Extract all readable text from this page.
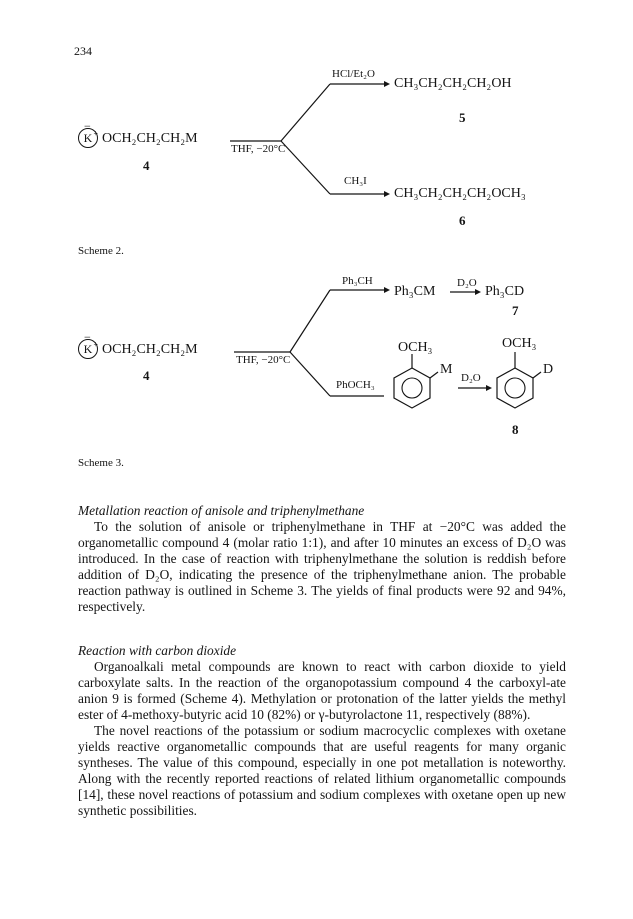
234
HCl/Et₂O
CH₃CH₂CH₂CH₂OH
5
−
K + OCH₂CH₂CH₂M
THF, −20°C
4
CH₃I
CH₃CH₂CH₂CH₂OCH₃
6
Scheme 2.
Ph₃CH
Ph₃CM
D₂O
Ph₃CD
7
−
K + OCH₂CH₂CH₂M
THF, −20°C
4
OCH₃
M
PhOCH₃
D₂O
OCH₃
D
8
Scheme 3.
Metallation reaction of anisole and triphenylmethane

To the solution of anisole or triphenylmethane in THF at −20°C was added the organometallic compound 4 (molar ratio 1:1), and after 10 minutes an excess of D₂O was introduced. In the case of reaction with triphenylmethane the solution is reddish before addition of D₂O, indicating the presence of the triphenylmethane anion. The probable reaction pathway is outlined in Scheme 3. The yields of final products were 92 and 94%, respectively.

Reaction with carbon dioxide

Organoalkali metal compounds are known to react with carbon dioxide to yield carboxylate salts. In the reaction of the organopotassium compound 4 the carboxyl-ate anion 9 is formed (Scheme 4). Methylation or protonation of the latter yields the methyl ester of 4-methoxy-butyric acid 10 (82%) or γ-butyrolactone 11, respectively (88%).

The novel reactions of the potassium or sodium macrocyclic complexes with oxetane yields reactive organometallic compounds that are useful reagents for many organic syntheses. The value of this compound, especially in one pot metallation is noteworthy. Along with the recently reported reactions of related lithium organometallic compounds [14], these novel reactions of potassium and sodium complexes with oxetane open up new synthetic possibilities.
